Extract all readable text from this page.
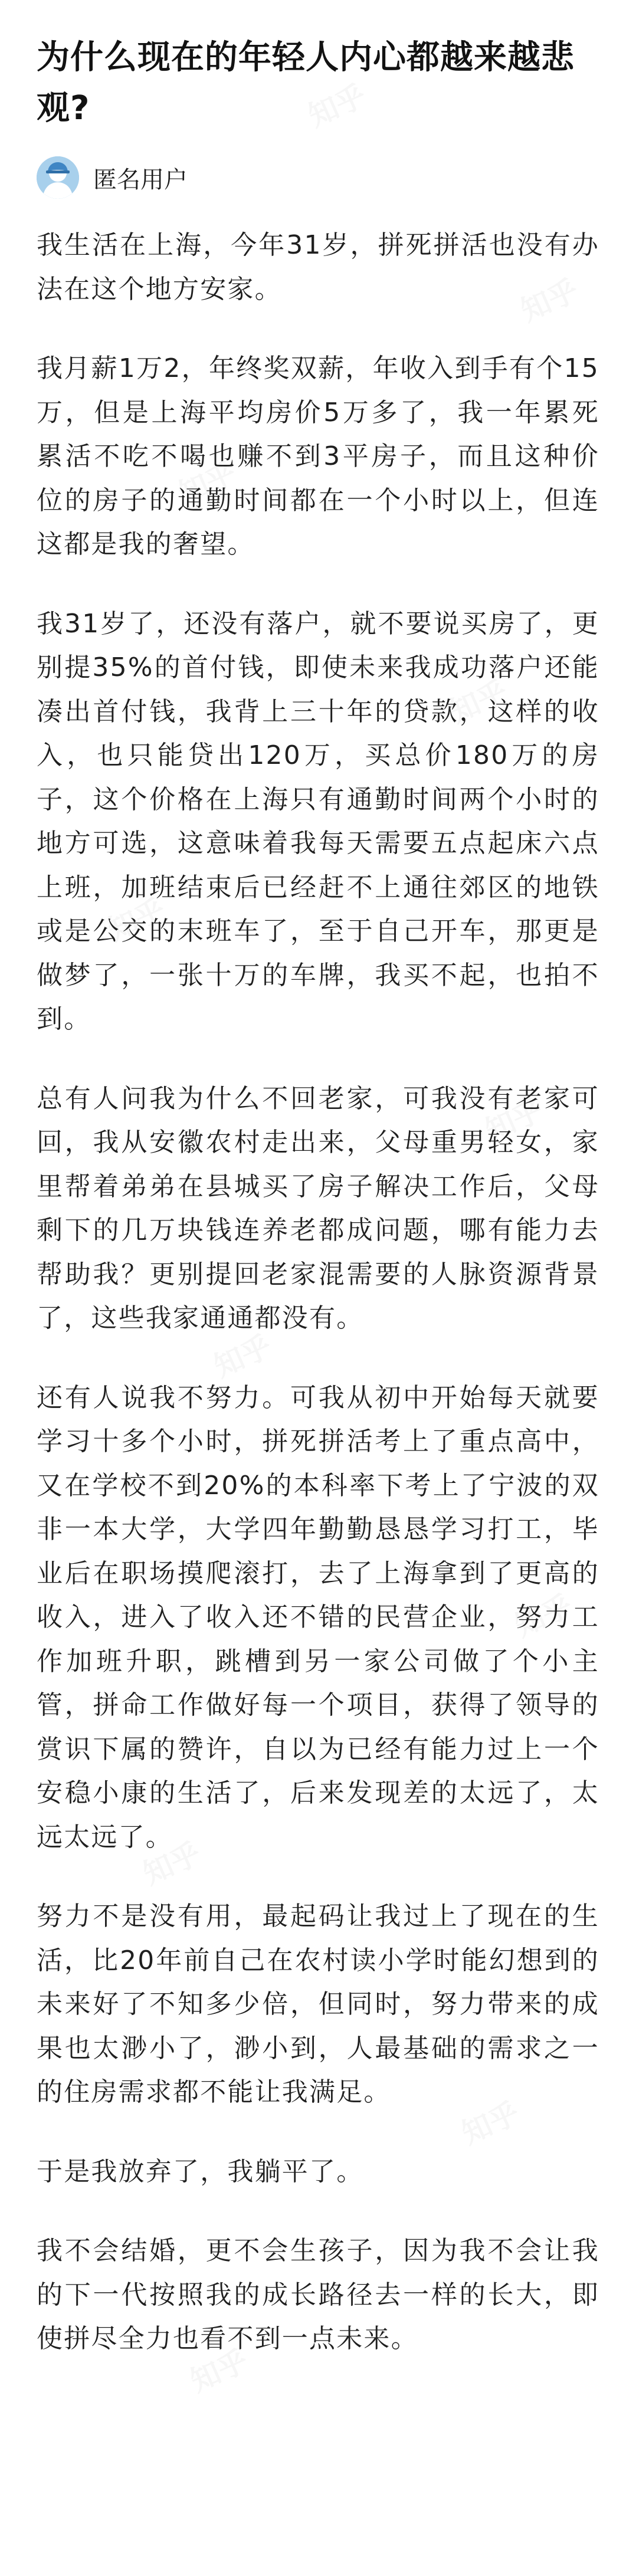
为什么现在的年轻人内心都越来越悲观?
匿名用户

我生活在上海，今年31岁，拼死拼活也没有办法在这个地方安家。

我月薪1万2，年终奖双薪，年收入到手有个15万，但是上海平均房价5万多了，我一年累死累活不吃不喝也赚不到3平房子，而且这种价位的房子的通勤时间都在一个小时以上，但连这都是我的奢望。

我31岁了，还没有落户，就不要说买房了，更别提35%的首付钱，即使未来我成功落户还能凑出首付钱，我背上三十年的贷款，这样的收入，也只能贷出120万，买总价180万的房子，这个价格在上海只有通勤时间两个小时的地方可选，这意味着我每天需要五点起床六点上班，加班结束后已经赶不上通往郊区的地铁或是公交的末班车了，至于自己开车，那更是做梦了，一张十万的车牌，我买不起，也拍不到。

总有人问我为什么不回老家，可我没有老家可回，我从安徽农村走出来，父母重男轻女，家里帮着弟弟在县城买了房子解决工作后，父母剩下的几万块钱连养老都成问题，哪有能力去帮助我？更别提回老家混需要的人脉资源背景了，这些我家通通都没有。

还有人说我不努力。可我从初中开始每天就要学习十多个小时，拼死拼活考上了重点高中，又在学校不到20%的本科率下考上了宁波的双非一本大学，大学四年勤勤恳恳学习打工，毕业后在职场摸爬滚打，去了上海拿到了更高的收入，进入了收入还不错的民营企业，努力工作加班升职，跳槽到另一家公司做了个小主管，拼命工作做好每一个项目，获得了领导的赏识下属的赞许，自以为已经有能力过上一个安稳小康的生活了，后来发现差的太远了，太远太远了。

努力不是没有用，最起码让我过上了现在的生活，比20年前自己在农村读小学时能幻想到的未来好了不知多少倍，但同时，努力带来的成果也太渺小了，渺小到，人最基础的需求之一的住房需求都不能让我满足。

于是我放弃了，我躺平了。

我不会结婚，更不会生孩子，因为我不会让我的下一代按照我的成长路径去一样的长大，即使拼尽全力也看不到一点未来。
